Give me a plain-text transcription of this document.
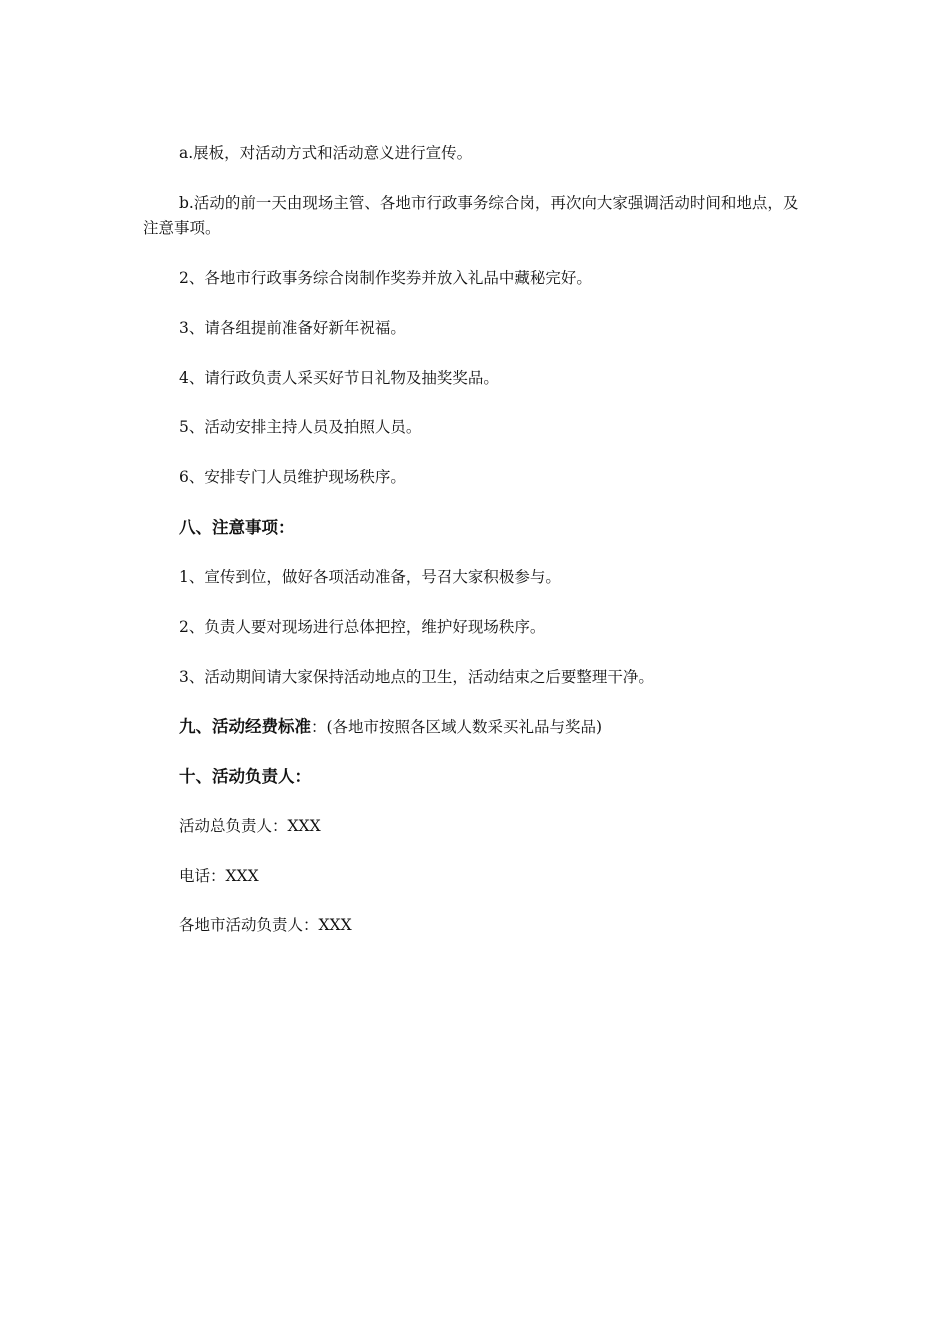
a.展板，对活动方式和活动意义进行宣传。
b.活动的前一天由现场主管、各地市行政事务综合岗，再次向大家强调活动时间和地点，及注意事项。
2、各地市行政事务综合岗制作奖券并放入礼品中藏秘完好。
3、请各组提前准备好新年祝福。
4、请行政负责人采买好节日礼物及抽奖奖品。
5、活动安排主持人员及拍照人员。
6、安排专门人员维护现场秩序。
八、注意事项：
1、宣传到位，做好各项活动准备，号召大家积极参与。
2、负责人要对现场进行总体把控，维护好现场秩序。
3、活动期间请大家保持活动地点的卫生，活动结束之后要整理干净。
九、活动经费标准：(各地市按照各区域人数采买礼品与奖品)
十、活动负责人：
活动总负责人：XXX
电话：XXX
各地市活动负责人：XXX
